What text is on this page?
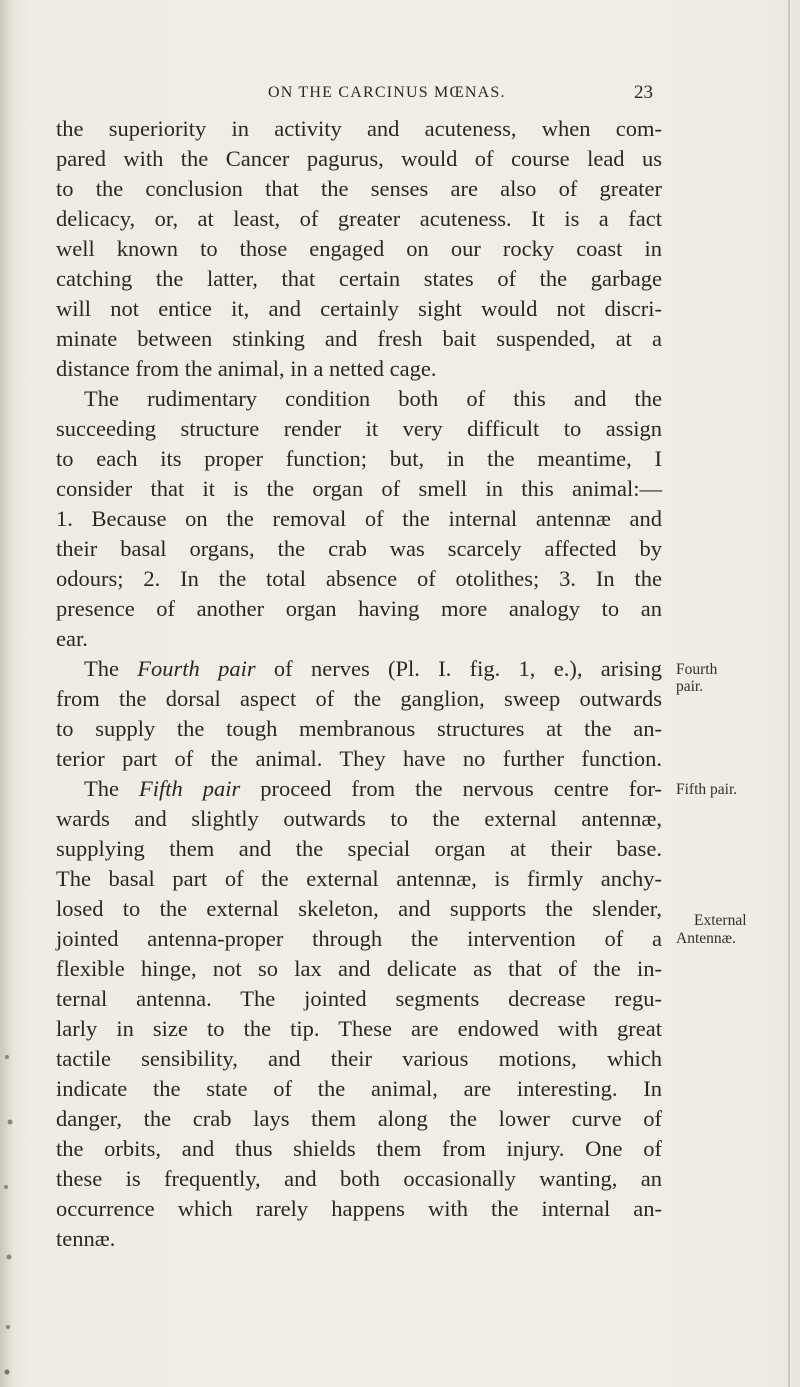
ON THE CARCINUS MŒNAS.	23
the superiority in activity and acuteness, when com-
pared with the Cancer pagurus, would of course lead us
to the conclusion that the senses are also of greater
delicacy, or, at least, of greater acuteness. It is a fact
well known to those engaged on our rocky coast in
catching the latter, that certain states of the garbage
will not entice it, and certainly sight would not discri-
minate between stinking and fresh bait suspended, at a
distance from the animal, in a netted cage.
The rudimentary condition both of this and the
succeeding structure render it very difficult to assign
to each its proper function; but, in the meantime, I
consider that it is the organ of smell in this animal:—
1. Because on the removal of the internal antennæ and
their basal organs, the crab was scarcely affected by
odours; 2. In the total absence of otolithes; 3. In the
presence of another organ having more analogy to an
ear.
The Fourth pair of nerves (Pl. I. fig. 1, e.), arising
from the dorsal aspect of the ganglion, sweep outwards
to supply the tough membranous structures at the an-
terior part of the animal. They have no further function.
The Fifth pair proceed from the nervous centre for-
wards and slightly outwards to the external antennæ,
supplying them and the special organ at their base.
The basal part of the external antennæ, is firmly anchy-
losed to the external skeleton, and supports the slender,
jointed antenna-proper through the intervention of a
flexible hinge, not so lax and delicate as that of the in-
ternal antenna. The jointed segments decrease regu-
larly in size to the tip. These are endowed with great
tactile sensibility, and their various motions, which
indicate the state of the animal, are interesting. In
danger, the crab lays them along the lower curve of
the orbits, and thus shields them from injury. One of
these is frequently, and both occasionally wanting, an
occurrence which rarely happens with the internal an-
tennæ.
Fourth
pair.
Fifth pair.
External
Antennæ.
